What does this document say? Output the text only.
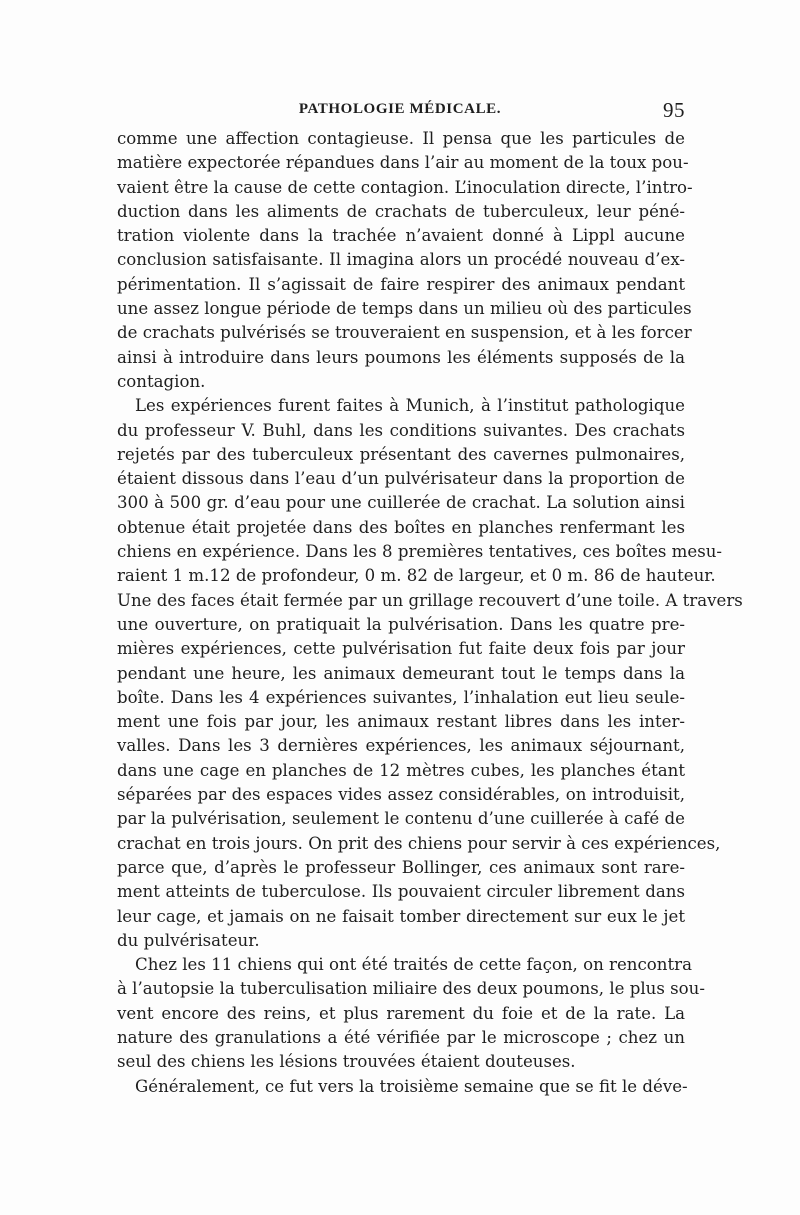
PATHOLOGIE MÉDICALE.	95
comme une affection contagieuse. Il pensa que les particules de
matière expectorée répandues dans l’air au moment de la toux pou-
vaient être la cause de cette contagion. L’inoculation directe, l’intro-
duction dans les aliments de crachats de tuberculeux, leur péné-
tration violente dans la trachée n’avaient donné à Lippl aucune
conclusion satisfaisante. Il imagina alors un procédé nouveau d’ex-
périmentation. Il s’agissait de faire respirer des animaux pendant
une assez longue période de temps dans un milieu où des particules
de crachats pulvérisés se trouveraient en suspension, et à les forcer
ainsi à introduire dans leurs poumons les éléments supposés de la
contagion.
Les expériences furent faites à Munich, à l’institut pathologique
du professeur V. Buhl, dans les conditions suivantes. Des crachats
rejetés par des tuberculeux présentant des cavernes pulmonaires,
étaient dissous dans l’eau d’un pulvérisateur dans la proportion de
300 à 500 gr. d’eau pour une cuillerée de crachat. La solution ainsi
obtenue était projetée dans des boîtes en planches renfermant les
chiens en expérience. Dans les 8 premières tentatives, ces boîtes mesu-
raient 1 m.12 de profondeur, 0 m. 82 de largeur, et 0 m. 86 de hauteur.
Une des faces était fermée par un grillage recouvert d’une toile. A travers
une ouverture, on pratiquait la pulvérisation. Dans les quatre pre-
mières expériences, cette pulvérisation fut faite deux fois par jour
pendant une heure, les animaux demeurant tout le temps dans la
boîte. Dans les 4 expériences suivantes, l’inhalation eut lieu seule-
ment une fois par jour, les animaux restant libres dans les inter-
valles. Dans les 3 dernières expériences, les animaux séjournant,
dans une cage en planches de 12 mètres cubes, les planches étant
séparées par des espaces vides assez considérables, on introduisit,
par la pulvérisation, seulement le contenu d’une cuillerée à café de
crachat en trois jours. On prit des chiens pour servir à ces expériences,
parce que, d’après le professeur Bollinger, ces animaux sont rare-
ment atteints de tuberculose. Ils pouvaient circuler librement dans
leur cage, et jamais on ne faisait tomber directement sur eux le jet
du pulvérisateur.
Chez les 11 chiens qui ont été traités de cette façon, on rencontra
à l’autopsie la tuberculisation miliaire des deux poumons, le plus sou-
vent encore des reins, et plus rarement du foie et de la rate. La
nature des granulations a été vérifiée par le microscope ; chez un
seul des chiens les lésions trouvées étaient douteuses.
Généralement, ce fut vers la troisième semaine que se fit le déve-
